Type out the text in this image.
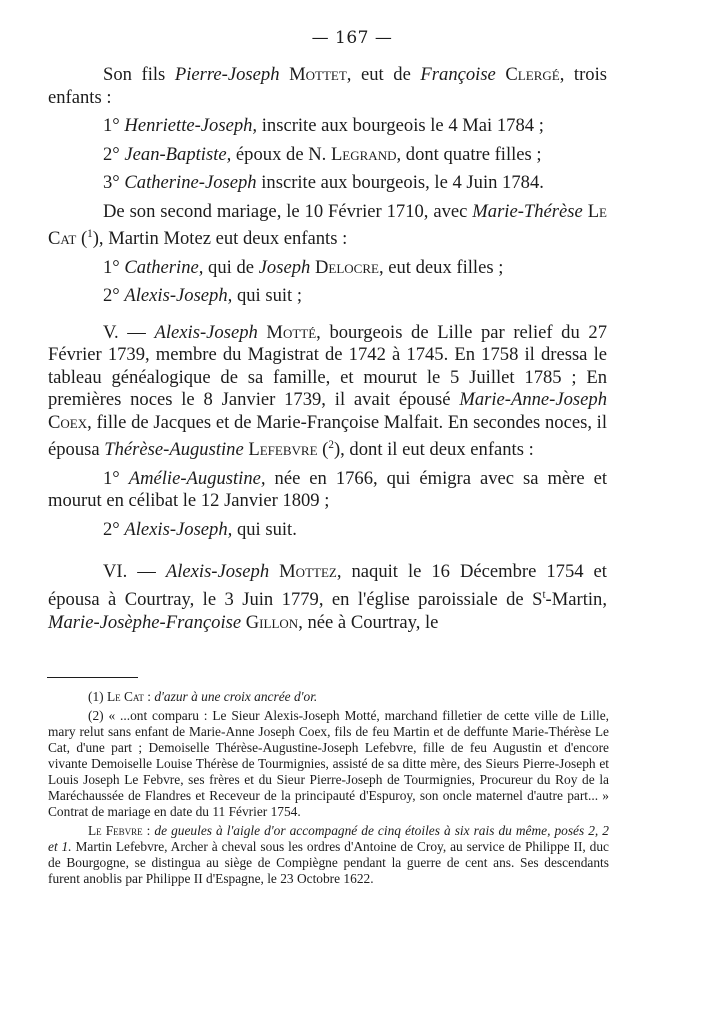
— 167 —

Son fils Pierre-Joseph Mottet, eut de Françoise Clergé, trois enfants :

1° Henriette-Joseph, inscrite aux bourgeois le 4 Mai 1784 ;

2° Jean-Baptiste, époux de N. Legrand, dont quatre filles ;

3° Catherine-Joseph inscrite aux bourgeois, le 4 Juin 1784.

De son second mariage, le 10 Février 1710, avec Marie-Thérèse Le Cat ($^1$), Martin Motez eut deux enfants :

1° Catherine, qui de Joseph Delocre, eut deux filles ;

2° Alexis-Joseph, qui suit ;

V. — Alexis-Joseph Motté, bourgeois de Lille par relief du 27 Février 1739, membre du Magistrat de 1742 à 1745. En 1758 il dressa le tableau généalogique de sa famille, et mourut le 5 Juillet 1785 ; En premières noces le 8 Janvier 1739, il avait épousé Marie-Anne-Joseph Coex, fille de Jacques et de Marie-Françoise Malfait. En secondes noces, il épousa Thérèse-Augustine Lefebvre ($^2$), dont il eut deux enfants :

1° Amélie-Augustine, née en 1766, qui émigra avec sa mère et mourut en célibat le 12 Janvier 1809 ;

2° Alexis-Joseph, qui suit.

VI. — Alexis-Joseph Mottez, naquit le 16 Décembre 1754 et épousa à Courtray, le 3 Juin 1779, en l'église paroissiale de $S^t$-Martin, Marie-Josèphe-Françoise Gillon, née à Courtray, le

(1) Le Cat : d'azur à une croix ancrée d'or.

(2) « ...ont comparu : Le Sieur Alexis-Joseph Motté, marchand filletier de cette ville de Lille, mary relut sans enfant de Marie-Anne Joseph Coex, fils de feu Martin et de deffunte Marie-Thérèse Le Cat, d'une part ; Demoiselle Thérèse-Augustine-Joseph Lefebvre, fille de feu Augustin et d'encore vivante Demoiselle Louise Thérèse de Tourmignies, assisté de sa ditte mère, des Sieurs Pierre-Joseph et Louis Joseph Le Febvre, ses frères et du Sieur Pierre-Joseph de Tourmignies, Procureur du Roy de la Maréchaussée de Flandres et Receveur de la principauté d'Espuroy, son oncle maternel d'autre part... » Contrat de mariage en date du 11 Février 1754.

Le Febvre : de gueules à l'aigle d'or accompagné de cinq étoiles à six rais du même, posés 2, 2 et 1. Martin Lefebvre, Archer à cheval sous les ordres d'Antoine de Croy, au service de Philippe II, duc de Bourgogne, se distingua au siège de Compiègne pendant la guerre de cent ans. Ses descendants furent anoblis par Philippe II d'Espagne, le 23 Octobre 1622.
